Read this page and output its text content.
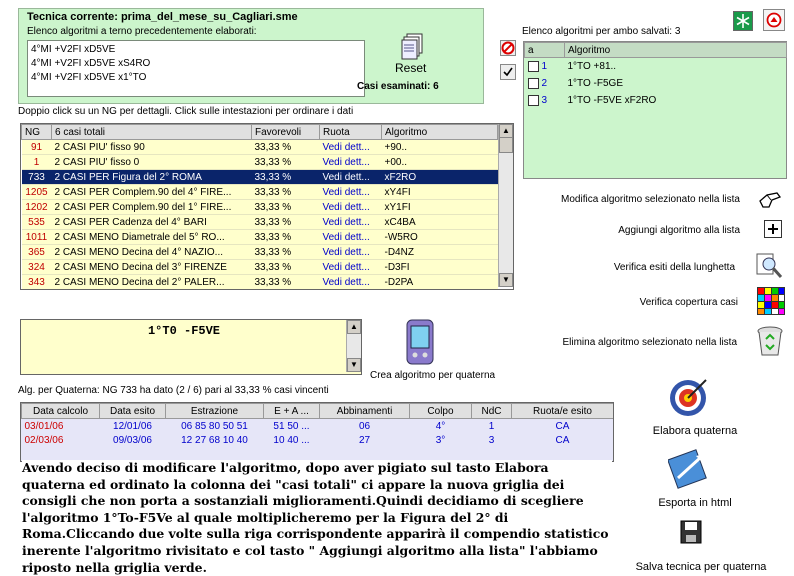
Tecnica corrente: prima_del_mese_su_Cagliari.sme
Elenco algoritmi a terno precedentemente elaborati:
4°MI +V2FI xD5VE
4°MI +V2FI xD5VE xS4RO
4°MI +V2FI xD5VE x1°TO
Reset
Casi esaminati: 6
Doppio click su un NG per dettagli. Click sulle intestazioni per ordinare i dati
NG	6 casi totali	Favorevoli	Ruota	Algoritmo
91	2 CASI PIU' fisso 90	33,33 %	Vedi dett...	+90..
1	2 CASI PIU' fisso 0	33,33 %	Vedi dett...	+00..
733	2 CASI PER Figura del 2° ROMA	33,33 %	Vedi dett...	xF2RO
1205	2 CASI PER Complem.90 del 4° FIRE...	33,33 %	Vedi dett...	xY4FI
1202	2 CASI PER Complem.90 del 1° FIRE...	33,33 %	Vedi dett...	xY1FI
535	2 CASI PER Cadenza del 4° BARI	33,33 %	Vedi dett...	xC4BA
1011	2 CASI MENO Diametrale del 5° RO...	33,33 %	Vedi dett...	-W5RO
365	2 CASI MENO Decina del 4° NAZIO...	33,33 %	Vedi dett...	-D4NZ
324	2 CASI MENO Decina del 3° FIRENZE	33,33 %	Vedi dett...	-D3FI
343	2 CASI MENO Decina del 2° PALER...	33,33 %	Vedi dett...	-D2PA
▲
▼
Elenco algoritmi per ambo salvati: 3
a	Algoritmo
1	1°TO +81..
2	1°TO -F5GE
3	1°TO -F5VE xF2RO
Modifica algoritmo selezionato nella lista
Aggiungi algoritmo alla lista
Verifica esiti della lunghetta
Verifica copertura casi
Elimina algoritmo selezionato nella lista
1°T0 -F5VE	▲
▼
Crea algoritmo per quaterna
Alg. per Quaterna: NG 733 ha dato (2 / 6) pari al 33,33 % casi vincenti
Data calcolo	Data esito	Estrazione	E + A ...	Abbinamenti	Colpo	NdC	Ruota/e esito
03/01/06	12/01/06	06 85 80 50 51	51 50 ...	06	4°	1	CA
02/03/06	09/03/06	12 27 68 10 40	10 40 ...	27	3°	3	CA
Avendo deciso di modificare l'algoritmo, dopo aver pigiato sul tasto Elabora quaterna ed ordinato la colonna dei "casi totali" ci appare la nuova griglia dei consigli che non porta a sostanziali miglioramenti.Quindi decidiamo di scegliere l'algoritmo 1°To-F5Ve al quale moltiplicheremo per la Figura del 2° di Roma.Cliccando due volte sulla riga corrispondente apparirà il compendio statistico inerente l'algoritmo rivisitato e col tasto " Aggiungi algoritmo alla lista" l'abbiamo riposto nella griglia verde.
Elabora quaterna
Esporta in html
Salva tecnica per quaterna
